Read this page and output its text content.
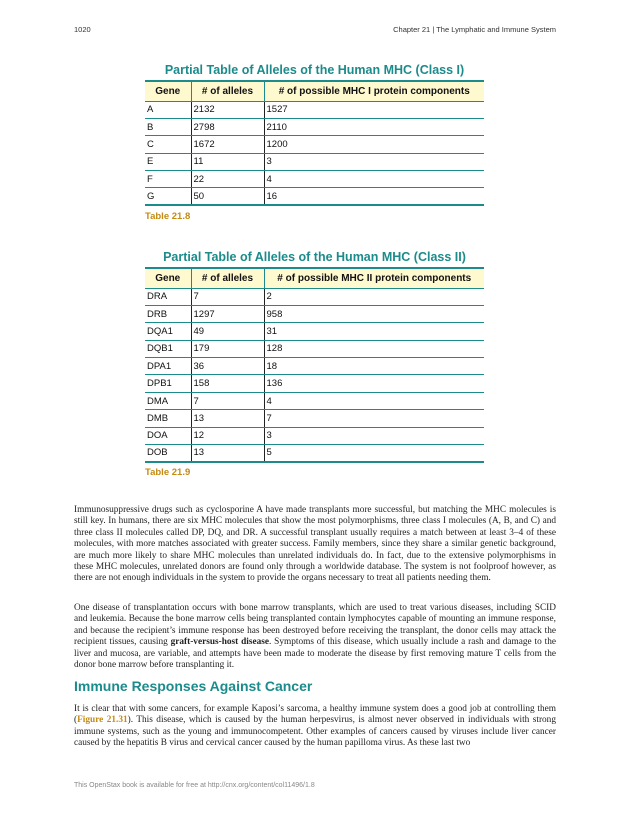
1020	Chapter 21 | The Lymphatic and Immune System
Partial Table of Alleles of the Human MHC (Class I)
Gene	# of alleles	# of possible MHC I protein components
A	2132	1527
B	2798	2110
C	1672	1200
E	11	3
F	22	4
G	50	16
Table 21.8
Partial Table of Alleles of the Human MHC (Class II)
Gene	# of alleles	# of possible MHC II protein components
DRA	7	2
DRB	1297	958
DQA1	49	31
DQB1	179	128
DPA1	36	18
DPB1	158	136
DMA	7	4
DMB	13	7
DOA	12	3
DOB	13	5
Table 21.9

Immunosuppressive drugs such as cyclosporine A have made transplants more successful, but matching the MHC molecules is still key. In humans, there are six MHC molecules that show the most polymorphisms, three class I molecules (A, B, and C) and three class II molecules called DP, DQ, and DR. A successful transplant usually requires a match between at least 3–4 of these molecules, with more matches associated with greater success. Family members, since they share a similar genetic background, are much more likely to share MHC molecules than unrelated individuals do. In fact, due to the extensive polymorphisms in these MHC molecules, unrelated donors are found only through a worldwide database. The system is not foolproof however, as there are not enough individuals in the system to provide the organs necessary to treat all patients needing them.

One disease of transplantation occurs with bone marrow transplants, which are used to treat various diseases, including SCID and leukemia. Because the bone marrow cells being transplanted contain lymphocytes capable of mounting an immune response, and because the recipient’s immune response has been destroyed before receiving the transplant, the donor cells may attack the recipient tissues, causing graft-versus-host disease. Symptoms of this disease, which usually include a rash and damage to the liver and mucosa, are variable, and attempts have been made to moderate the disease by first removing mature T cells from the donor bone marrow before transplanting it.

Immune Responses Against Cancer

It is clear that with some cancers, for example Kaposi’s sarcoma, a healthy immune system does a good job at controlling them (Figure 21.31). This disease, which is caused by the human herpesvirus, is almost never observed in individuals with strong immune systems, such as the young and immunocompetent. Other examples of cancers caused by viruses include liver cancer caused by the hepatitis B virus and cervical cancer caused by the human papilloma virus. As these last two

This OpenStax book is available for free at http://cnx.org/content/col11496/1.8
